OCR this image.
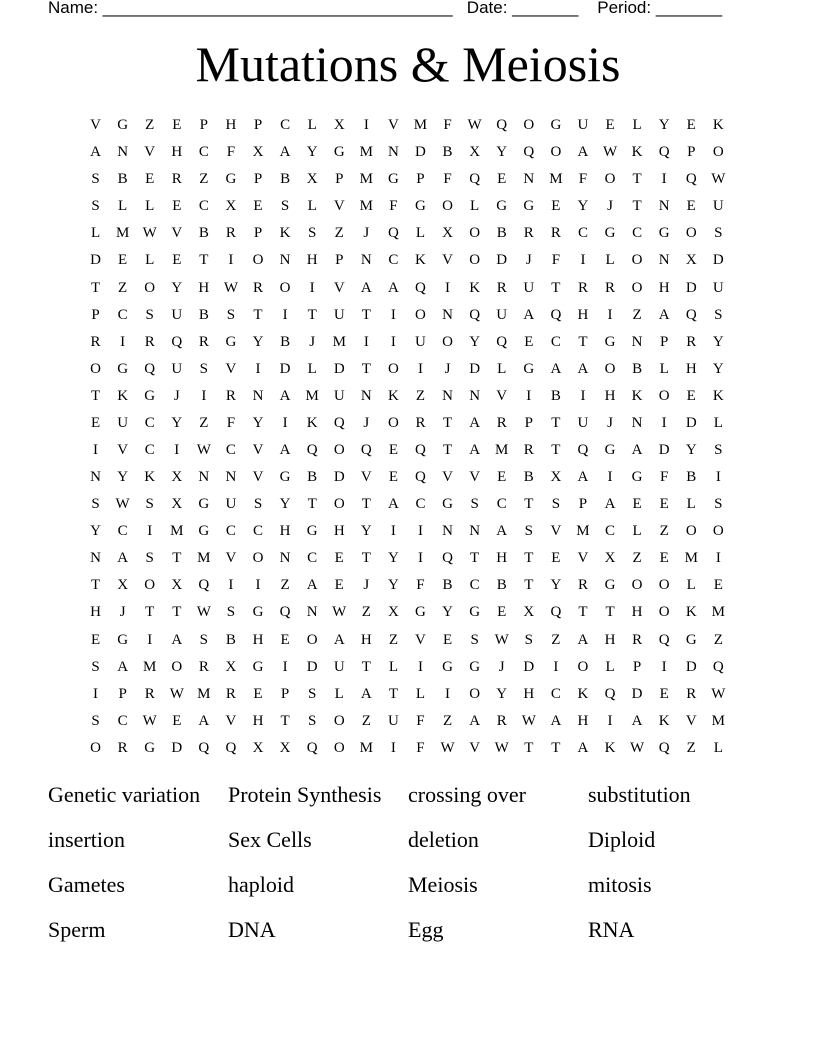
Name: _____________________________________ Date: _______ Period: _______
Mutations & Meiosis
V	G	Z	E	P	H	P	C	L	X	I	V M	F	W Q	O	G	U	E	L	Y	E	K
A	N	V	H	C	F	X	A	Y	G M N	D	B	X	Y	Q	O	A W K	Q	P	O
S	B	E	R	Z	G	P	B	X	P	M G	P	F	Q	E	N M	F	O	T	I	Q W
S	L	L	E	C	X	E	S	L	V M	F	G	O	L	G	G	E	Y	J	T	N	E	U
L	M W V	B	R	P	K	S	Z	J	Q	L	X	O	B	R	R	C	G	C	G	O	S
D	E	L	E	T	I	O	N	H	P	N	C	K	V	O	D	J	F	I	L	O	N	X	D
T	Z	O	Y	H W R	O	I	V	A	A	Q	I	K	R	U	T	R	R	O	H	D	U
P	C	S	U	B	S	T	I	T	U	T	I	O	N	Q	U	A	Q	H	I	Z	A	Q	S
R	I	R	Q	R	G	Y	B	J	M	I	I	U	O	Y	Q	E	C	T	G	N	P	R	Y
O	G	Q	U	S	V	I	D	L	D	T	O	I	J	D	L	G	A	A	O	B	L	H	Y
T	K	G	J	I	R	N	A M U	N	K	Z	N	N	V	I	B	I	H	K	O	E	K
E	U	C	Y	Z	F	Y	I	K	Q	J	O	R	T	A	R	P	T	U	J	N	I	D	L
I	V	C	I	W C	V	A	Q	O	Q	E	Q	T	A M	R	T	Q	G	A	D	Y	S
N	Y	K	X	N	N	V	G	B	D	V	E	Q	V	V	E	B	X	A	I	G	F	B	I
S	W	S	X	G	U	S	Y	T	O	T	A	C	G	S	C	T	S	P	A	E	E	L	S
Y	C	I	M G	C	C	H	G	H	Y	I	I	N	N	A	S	V M	C	L	Z	O	O
N	A	S	T	M V	O	N	C	E	T	Y	I	Q	T	H	T	E	V	X	Z	E	M	I
T	X	O	X	Q	I	I	Z	A	E	J	Y	F	B	C	B	T	Y	R	G	O	O	L	E
H	J	T	T	W	S	G	Q	N W	Z	X	G	Y	G	E	X	Q	T	T	H	O	K M
E	G	I	A	S	B	H	E	O	A	H	Z	V	E	S	W	S	Z	A	H	R	Q	G	Z
S	A M O	R	X	G	I	D	U	T	L	I	G	G	J	D	I	O	L	P	I	D	Q
I	P	R W M	R	E	P	S	L	A	T	L	I	O	Y	H	C	K	Q	D	E	R W
S	C W	E	A	V	H	T	S	O	Z	U	F	Z	A	R W A	H	I	A	K	V M
O	R	G	D	Q	Q	X	X	Q	O M	I	F	W V W	T	T	A	K W Q	Z	L
Genetic variation	Protein Synthesis	crossing over	substitution
insertion	Sex Cells	deletion	Diploid
Gametes	haploid	Meiosis	mitosis
Sperm	DNA	Egg	RNA
